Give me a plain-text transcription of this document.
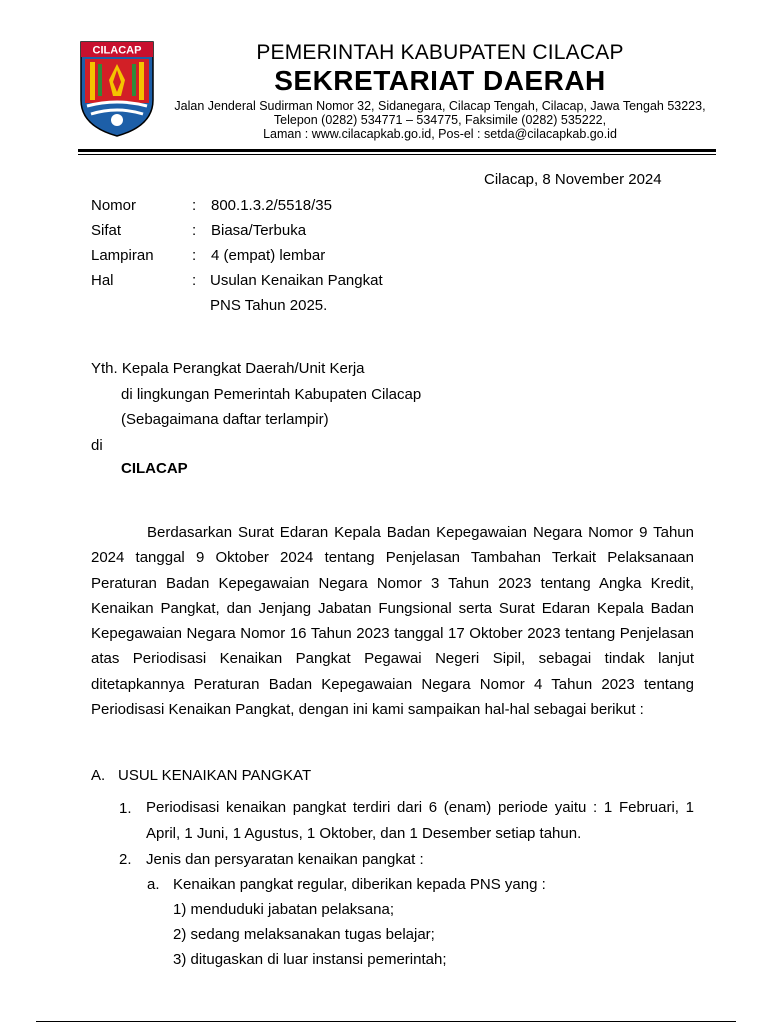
CILACAP	PEMERINTAH KABUPATEN CILACAP
SEKRETARIAT DAERAH
Jalan Jenderal Sudirman Nomor 32, Sidanegara, Cilacap Tengah, Cilacap, Jawa Tengah 53223,
Telepon (0282) 534771 – 534775, Faksimile (0282) 535222,
Laman : www.cilacapkab.go.id, Pos-el : setda@cilacapkab.go.id
Cilacap, 8 November 2024
Nomor	: 800.1.3.2/5518/35
Sifat	: Biasa/Terbuka
Lampiran	: 4 (empat) lembar
Hal	: Usulan Kenaikan Pangkat
PNS Tahun 2025.
Yth. Kepala Perangkat Daerah/Unit Kerja
di lingkungan Pemerintah Kabupaten Cilacap
(Sebagaimana daftar terlampir)
di
CILACAP
Berdasarkan Surat Edaran Kepala Badan Kepegawaian Negara Nomor 9 Tahun 2024 tanggal 9 Oktober 2024 tentang Penjelasan Tambahan Terkait Pelaksanaan Peraturan Badan Kepegawaian Negara Nomor 3 Tahun 2023 tentang Angka Kredit, Kenaikan Pangkat, dan Jenjang Jabatan Fungsional serta Surat Edaran Kepala Badan Kepegawaian Negara Nomor 16 Tahun 2023 tanggal 17 Oktober 2023 tentang Penjelasan atas Periodisasi Kenaikan Pangkat Pegawai Negeri Sipil, sebagai tindak lanjut ditetapkannya Peraturan Badan Kepegawaian Negara Nomor 4 Tahun 2023 tentang Periodisasi Kenaikan Pangkat, dengan ini kami sampaikan hal-hal sebagai berikut :
A. USUL KENAIKAN PANGKAT
1. Periodisasi kenaikan pangkat terdiri dari 6 (enam) periode yaitu : 1 Februari, 1 April, 1 Juni, 1 Agustus, 1 Oktober, dan 1 Desember setiap tahun.
2. Jenis dan persyaratan kenaikan pangkat :
a. Kenaikan pangkat regular, diberikan kepada PNS yang :
1) menduduki jabatan pelaksana;
2) sedang melaksanakan tugas belajar;
3) ditugaskan di luar instansi pemerintah;
